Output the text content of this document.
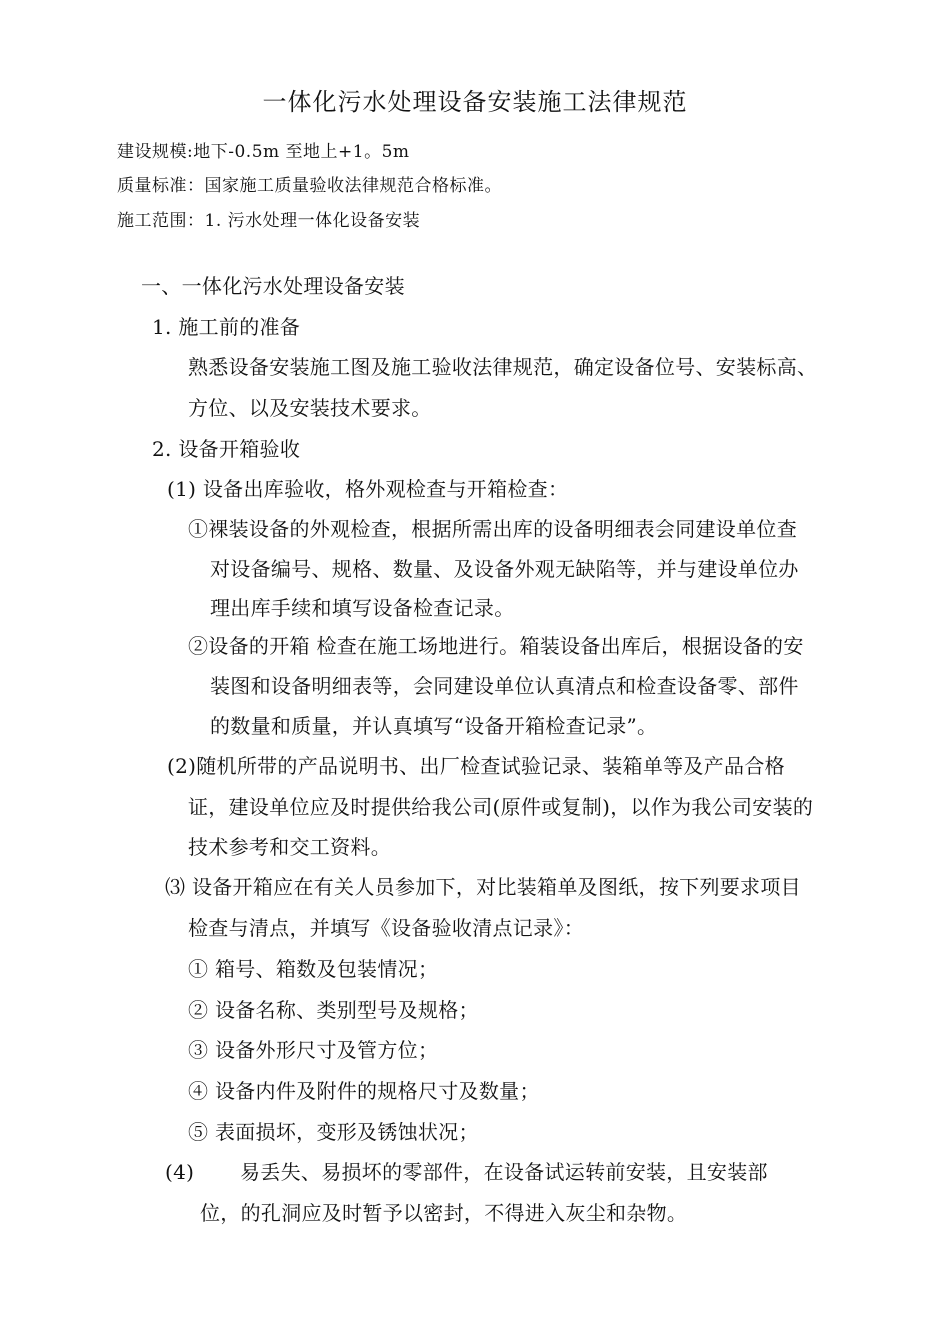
一体化污水处理设备安装施工法律规范
建设规模:地下-0.5m 至地上+1。5m
质量标准：国家施工质量验收法律规范合格标准。
施工范围：1. 污水处理一体化设备安装
一、一体化污水处理设备安装
1. 施工前的准备
熟悉设备安装施工图及施工验收法律规范，确定设备位号、安装标高、
方位、以及安装技术要求。
2. 设备开箱验收
(1) 设备出库验收，格外观检查与开箱检查：
①裸装设备的外观检查，根据所需出库的设备明细表会同建设单位查
对设备编号、规格、数量、及设备外观无缺陷等，并与建设单位办
理出库手续和填写设备检查记录。
②设备的开箱 检查在施工场地进行。箱装设备出库后，根据设备的安
装图和设备明细表等，会同建设单位认真清点和检查设备零、部件
的数量和质量，并认真填写“设备开箱检查记录”。
(2)随机所带的产品说明书、出厂检查试验记录、装箱单等及产品合格
证，建设单位应及时提供给我公司(原件或复制)，以作为我公司安装的
技术参考和交工资料。
⑶ 设备开箱应在有关人员参加下，对比装箱单及图纸，按下列要求项目
检查与清点，并填写《设备验收清点记录》：
① 箱号、箱数及包装情况；
② 设备名称、类别型号及规格；
③ 设备外形尺寸及管方位；
④ 设备内件及附件的规格尺寸及数量；
⑤ 表面损坏，变形及锈蚀状况；
(4) 易丢失、易损坏的零部件，在设备试运转前安装，且安装部
位，的孔洞应及时暂予以密封，不得进入灰尘和杂物。
